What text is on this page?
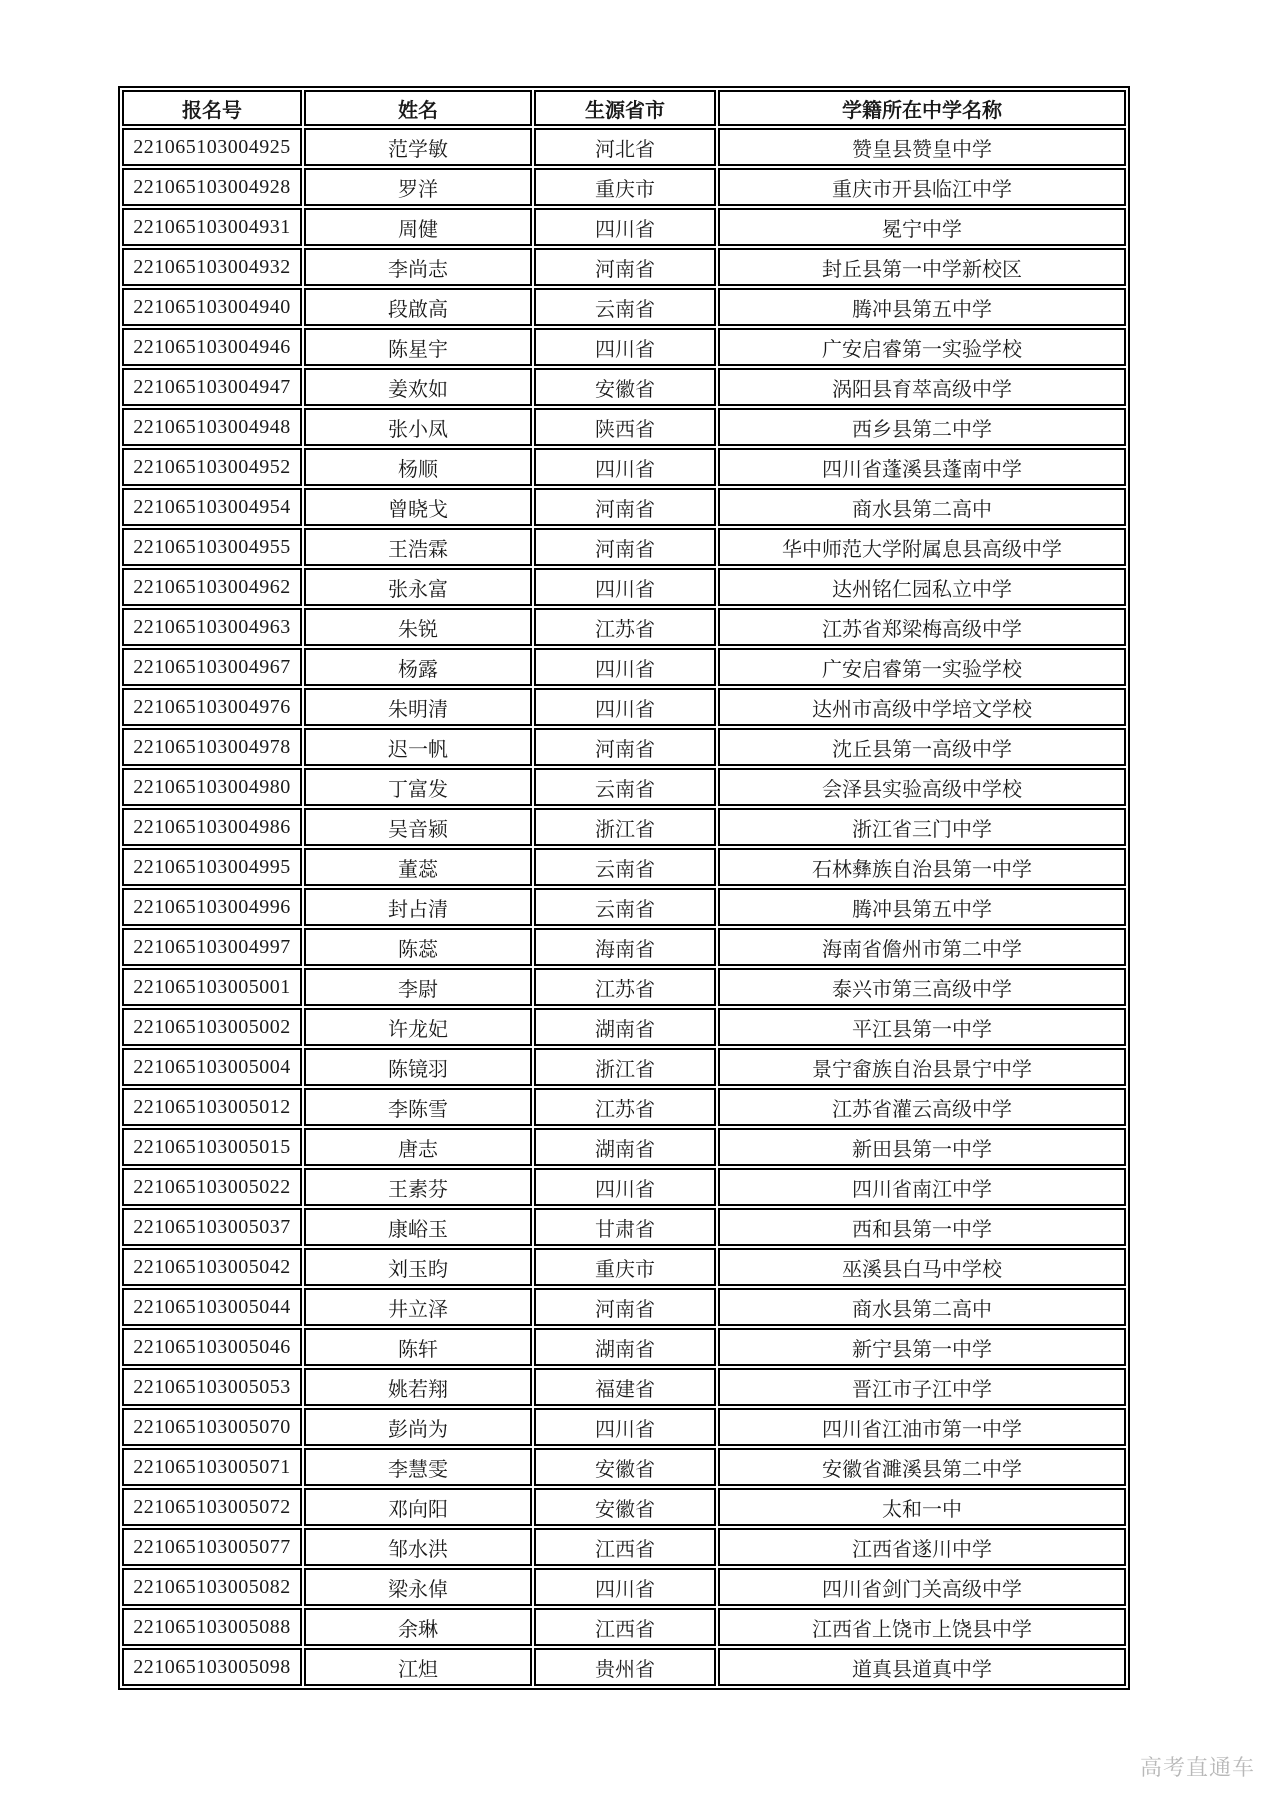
报名号	姓名	生源省市	学籍所在中学名称
221065103004925	范学敏	河北省	赞皇县赞皇中学
221065103004928	罗洋	重庆市	重庆市开县临江中学
221065103004931	周健	四川省	冕宁中学
221065103004932	李尚志	河南省	封丘县第一中学新校区
221065103004940	段啟高	云南省	腾冲县第五中学
221065103004946	陈星宇	四川省	广安启睿第一实验学校
221065103004947	姜欢如	安徽省	涡阳县育萃高级中学
221065103004948	张小凤	陕西省	西乡县第二中学
221065103004952	杨顺	四川省	四川省蓬溪县蓬南中学
221065103004954	曾晓戈	河南省	商水县第二高中
221065103004955	王浩霖	河南省	华中师范大学附属息县高级中学
221065103004962	张永富	四川省	达州铭仁园私立中学
221065103004963	朱锐	江苏省	江苏省郑梁梅高级中学
221065103004967	杨露	四川省	广安启睿第一实验学校
221065103004976	朱明清	四川省	达州市高级中学培文学校
221065103004978	迟一帆	河南省	沈丘县第一高级中学
221065103004980	丁富发	云南省	会泽县实验高级中学校
221065103004986	吴音颍	浙江省	浙江省三门中学
221065103004995	董蕊	云南省	石林彝族自治县第一中学
221065103004996	封占清	云南省	腾冲县第五中学
221065103004997	陈蕊	海南省	海南省儋州市第二中学
221065103005001	李尉	江苏省	泰兴市第三高级中学
221065103005002	许龙妃	湖南省	平江县第一中学
221065103005004	陈镜羽	浙江省	景宁畲族自治县景宁中学
221065103005012	李陈雪	江苏省	江苏省灌云高级中学
221065103005015	唐志	湖南省	新田县第一中学
221065103005022	王素芬	四川省	四川省南江中学
221065103005037	康峪玉	甘肃省	西和县第一中学
221065103005042	刘玉昀	重庆市	巫溪县白马中学校
221065103005044	井立泽	河南省	商水县第二高中
221065103005046	陈轩	湖南省	新宁县第一中学
221065103005053	姚若翔	福建省	晋江市子江中学
221065103005070	彭尚为	四川省	四川省江油市第一中学
221065103005071	李慧雯	安徽省	安徽省濉溪县第二中学
221065103005072	邓向阳	安徽省	太和一中
221065103005077	邹水洪	江西省	江西省遂川中学
221065103005082	梁永倬	四川省	四川省剑门关高级中学
221065103005088	余琳	江西省	江西省上饶市上饶县中学
221065103005098	江炟	贵州省	道真县道真中学
高考直通车
